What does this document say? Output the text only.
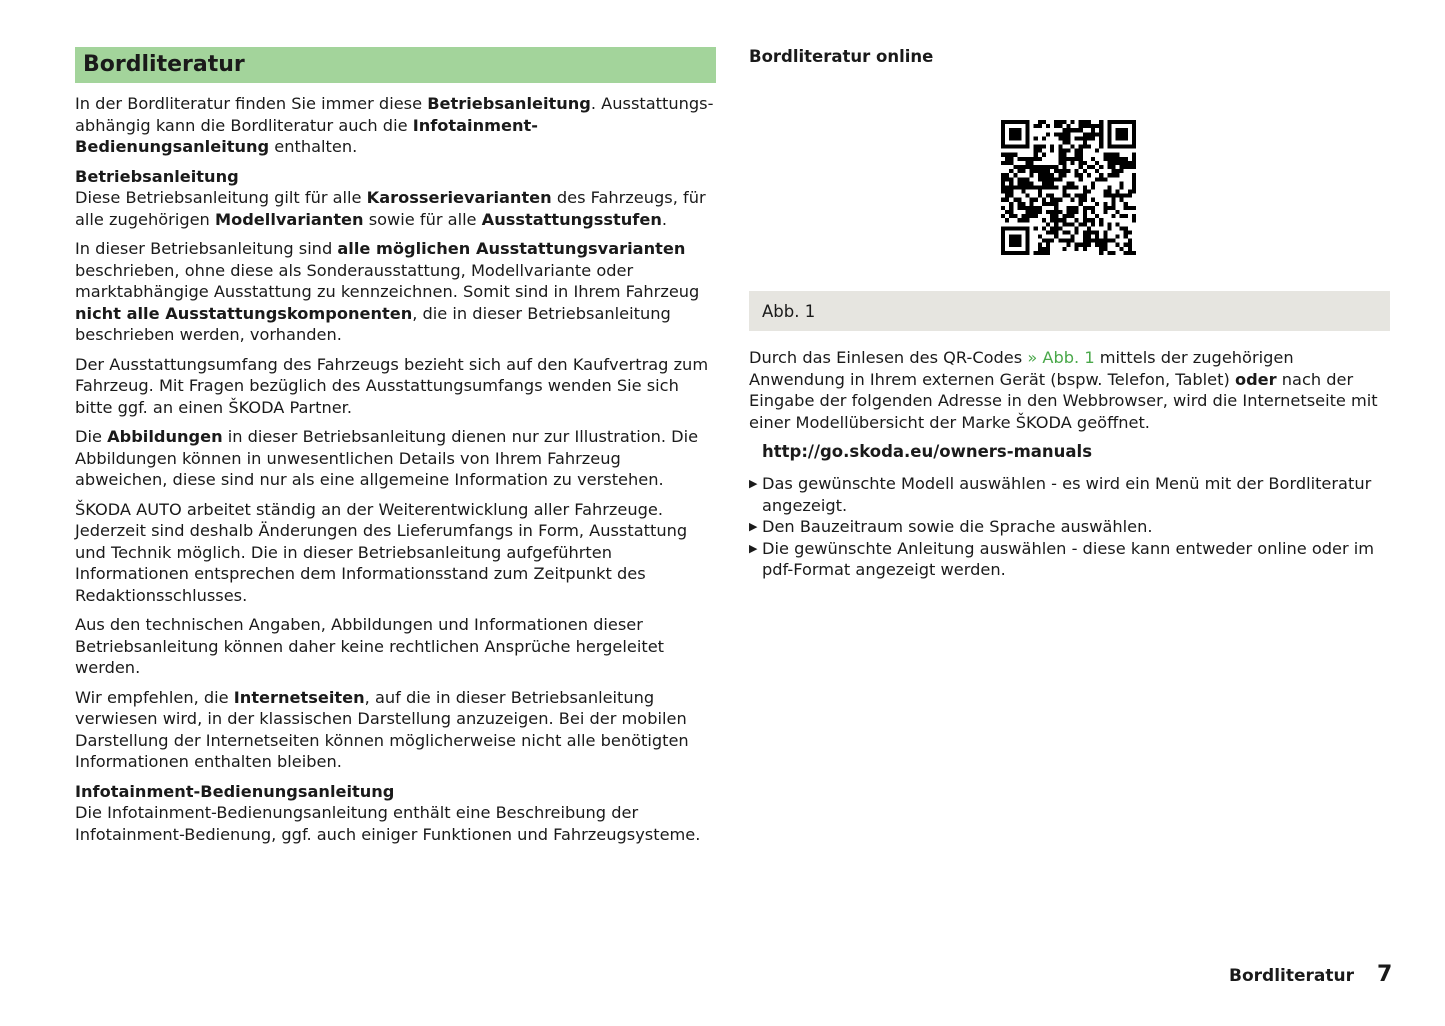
Bordliteratur

In der Bordliteratur finden Sie immer diese Betriebsanleitung. Ausstattungsabhängig kann die Bordliteratur auch die Infotainment-Bedienungsanleitung enthalten.

Betriebsanleitung
Diese Betriebsanleitung gilt für alle Karosserievarianten des Fahrzeugs, für alle zugehörigen Modellvarianten sowie für alle Ausstattungsstufen.

In dieser Betriebsanleitung sind alle möglichen Ausstattungsvarianten beschrieben, ohne diese als Sonderausstattung, Modellvariante oder marktabhängige Ausstattung zu kennzeichnen. Somit sind in Ihrem Fahrzeug nicht alle Ausstattungskomponenten, die in dieser Betriebsanleitung beschrieben werden, vorhanden.

Der Ausstattungsumfang des Fahrzeugs bezieht sich auf den Kaufvertrag zum Fahrzeug. Mit Fragen bezüglich des Ausstattungsumfangs wenden Sie sich bitte ggf. an einen ŠKODA Partner.

Die Abbildungen in dieser Betriebsanleitung dienen nur zur Illustration. Die Abbildungen können in unwesentlichen Details von Ihrem Fahrzeug abweichen, diese sind nur als eine allgemeine Information zu verstehen.

ŠKODA AUTO arbeitet ständig an der Weiterentwicklung aller Fahrzeuge. Jederzeit sind deshalb Änderungen des Lieferumfangs in Form, Ausstattung und Technik möglich. Die in dieser Betriebsanleitung aufgeführten Informationen entsprechen dem Informationsstand zum Zeitpunkt des Redaktionsschlusses.

Aus den technischen Angaben, Abbildungen und Informationen dieser Betriebsanleitung können daher keine rechtlichen Ansprüche hergeleitet werden.

Wir empfehlen, die Internetseiten, auf die in dieser Betriebsanleitung verwiesen wird, in der klassischen Darstellung anzuzeigen. Bei der mobilen Darstellung der Internetseiten können möglicherweise nicht alle benötigten Informationen enthalten bleiben.

Infotainment-Bedienungsanleitung
Die Infotainment-Bedienungsanleitung enthält eine Beschreibung der Infotainment-Bedienung, ggf. auch einiger Funktionen und Fahrzeugsysteme.

Bordliteratur online
Abb. 1

Durch das Einlesen des QR-Codes » Abb. 1 mittels der zugehörigen Anwendung in Ihrem externen Gerät (bspw. Telefon, Tablet) oder nach der Eingabe der folgenden Adresse in den Webbrowser, wird die Internetseite mit einer Modellübersicht der Marke ŠKODA geöffnet.

http://go.skoda.eu/owners-manuals
▶ Das gewünschte Modell auswählen - es wird ein Menü mit der Bordliteratur angezeigt.
▶ Den Bauzeitraum sowie die Sprache auswählen.
▶ Die gewünschte Anleitung auswählen - diese kann entweder online oder im pdf-Format angezeigt werden.
Bordliteratur 7
